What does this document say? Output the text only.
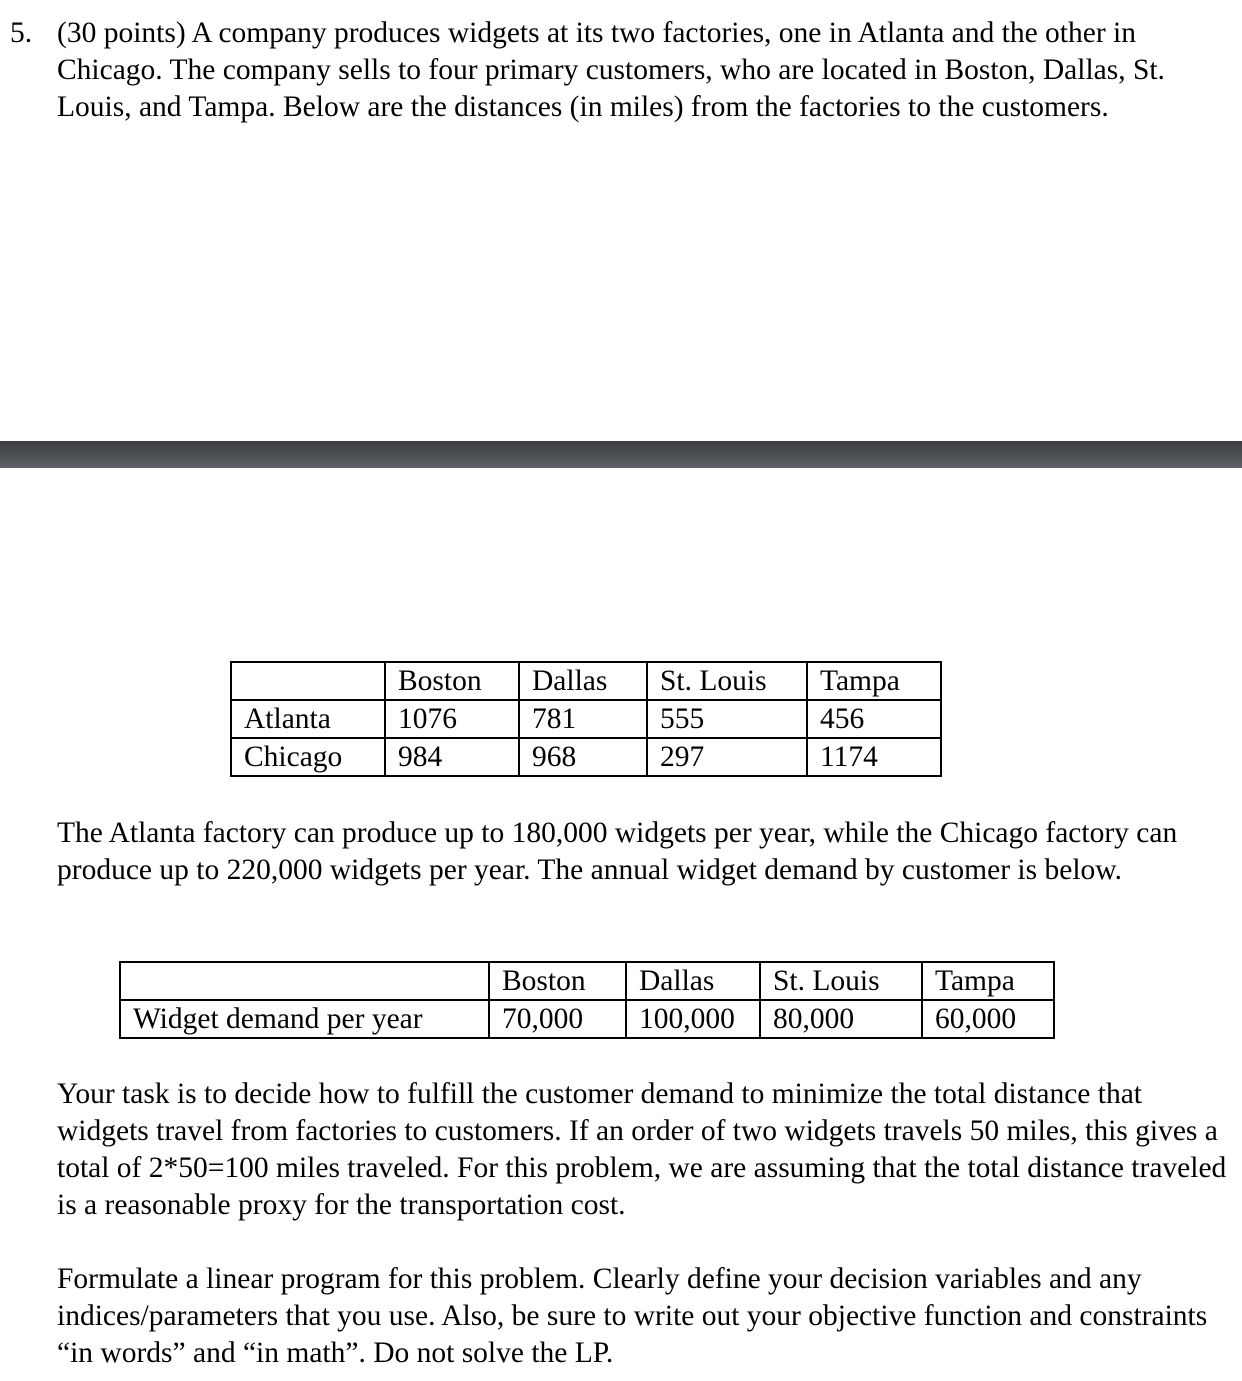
5. (30 points) A company produces widgets at its two factories, one in Atlanta and the other in Chicago. The company sells to four primary customers, who are located in Boston, Dallas, St. Louis, and Tampa. Below are the distances (in miles) from the factories to the customers.

	Boston	Dallas	St. Louis	Tampa
Atlanta	1076	781	555	456
Chicago	984	968	297	1174

The Atlanta factory can produce up to 180,000 widgets per year, while the Chicago factory can produce up to 220,000 widgets per year. The annual widget demand by customer is below.

	Boston	Dallas	St. Louis	Tampa
Widget demand per year	70,000	100,000	80,000	60,000

Your task is to decide how to fulfill the customer demand to minimize the total distance that widgets travel from factories to customers. If an order of two widgets travels 50 miles, this gives a total of 2*50=100 miles traveled. For this problem, we are assuming that the total distance traveled is a reasonable proxy for the transportation cost.

Formulate a linear program for this problem. Clearly define your decision variables and any indices/parameters that you use. Also, be sure to write out your objective function and constraints “in words” and “in math”. Do not solve the LP.
